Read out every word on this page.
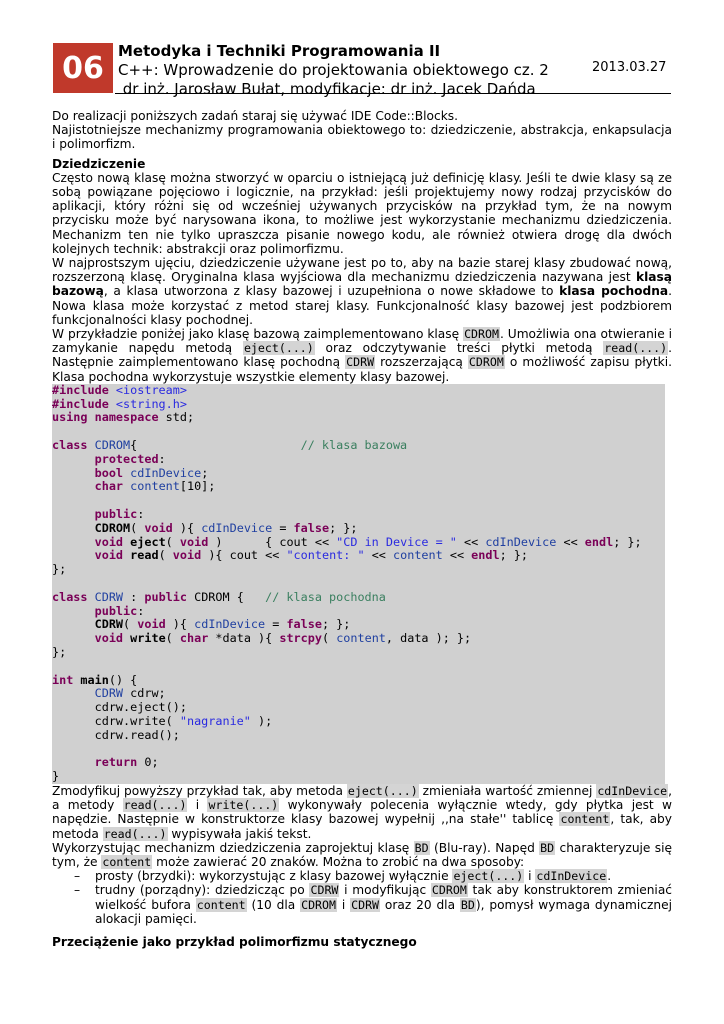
06 Metodyka i Techniki Programowania II
C++: Wprowadzenie do projektowania obiektowego cz. 2
dr inż. Jarosław Bułat, modyfikacje: dr inż. Jacek Dańda
2013.03.27

Do realizacji poniższych zadań staraj się używać IDE Code::Blocks.

Najistotniejsze mechanizmy programowania obiektowego to: dziedziczenie, abstrakcja, enkapsulacja i polimorfizm.

Dziedziczenie

Często nową klasę można stworzyć w oparciu o istniejącą już definicję klasy. Jeśli te dwie klasy są ze sobą powiązane pojęciowo i logicznie, na przykład: jeśli projektujemy nowy rodzaj przycisków do aplikacji, który różni się od wcześniej używanych przycisków na przykład tym, że na nowym przycisku może być narysowana ikona, to możliwe jest wykorzystanie mechanizmu dziedziczenia. Mechanizm ten nie tylko upraszcza pisanie nowego kodu, ale również otwiera drogę dla dwóch kolejnych technik: abstrakcji oraz polimorfizmu.

W najprostszym ujęciu, dziedziczenie używane jest po to, aby na bazie starej klasy zbudować nową, rozszerzoną klasę. Oryginalna klasa wyjściowa dla mechanizmu dziedziczenia nazywana jest klasą bazową, a klasa utworzona z klasy bazowej i uzupełniona o nowe składowe to klasa pochodna. Nowa klasa może korzystać z metod starej klasy. Funkcjonalność klasy bazowej jest podzbiorem funkcjonalności klasy pochodnej.

W przykładzie poniżej jako klasę bazową zaimplementowano klasę CDROM. Umożliwia ona otwieranie i zamykanie napędu metodą eject(...) oraz odczytywanie treści płytki metodą read(...). Następnie zaimplementowano klasę pochodną CDRW rozszerzającą CDROM o możliwość zapisu płytki. Klasa pochodna wykorzystuje wszystkie elementy klasy bazowej.

#include <iostream>
#include <string.h>
using namespace std;

class CDROM{	// klasa bazowa
protected:
bool cdInDevice;
char content[10];

public:
CDROM( void ){ cdInDevice = false; };
void eject( void )      { cout << "CD in Device = " << cdInDevice << endl; };
void read( void ){ cout << "content: " << content << endl; };
};

class CDRW : public CDROM {   // klasa pochodna
public:
CDRW( void ){ cdInDevice = false; };
void write( char *data ){ strcpy( content, data ); };
};

int main() {
CDRW cdrw;
cdrw.eject();
cdrw.write( "nagranie" );
cdrw.read();

return 0;
}

Zmodyfikuj powyższy przykład tak, aby metoda eject(...) zmieniała wartość zmiennej cdInDevice, a metody read(...) i write(...) wykonywały polecenia wyłącznie wtedy, gdy płytka jest w napędzie. Następnie w konstruktorze klasy bazowej wypełnij ,,na stałe'' tablicę content, tak, aby metoda read(...) wypisywała jakiś tekst.

Wykorzystując mechanizm dziedziczenia zaprojektuj klasę BD (Blu-ray). Napęd BD charakteryzuje się tym, że content może zawierać 20 znaków. Można to zrobić na dwa sposoby:

– prosty (brzydki): wykorzystując z klasy bazowej wyłącznie eject(...) i cdInDevice.
– trudny (porządny): dziedzicząc po CDRW i modyfikując CDROM tak aby konstruktorem zmieniać wielkość bufora content (10 dla CDROM i CDRW oraz 20 dla BD), pomysł wymaga dynamicznej alokacji pamięci.

Przeciążenie jako przykład polimorfizmu statycznego
